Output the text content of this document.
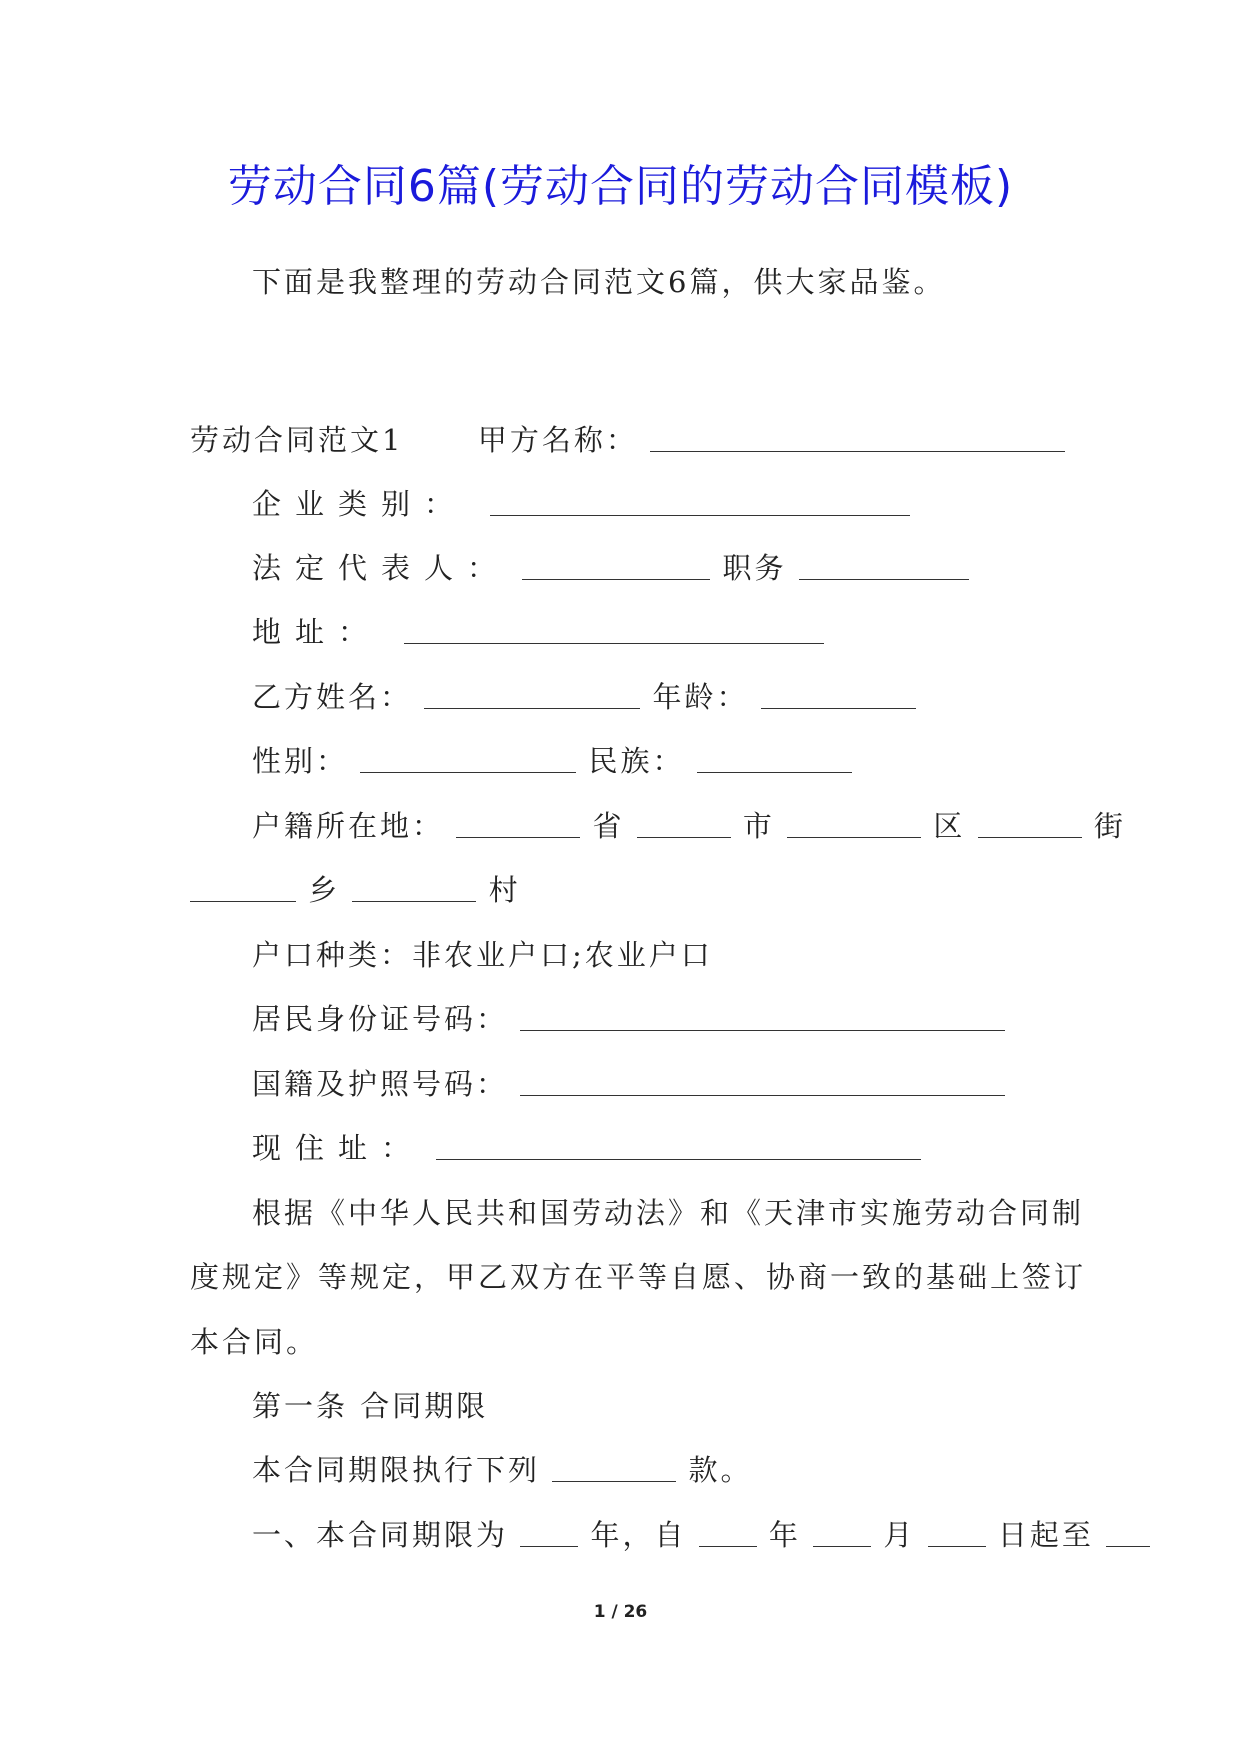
劳动合同6篇(劳动合同的劳动合同模板)
下面是我整理的劳动合同范文6篇，供大家品鉴。
劳动合同范文1	甲方名称：
企业类别：
法定代表人：	职务
地址：
乙方姓名：	年龄：
性别：	民族：
户籍所在地：	省	市	区	街
乡	村
户口种类：非农业户口;农业户口
居民身份证号码：
国籍及护照号码：
现住址：
根据《中华人民共和国劳动法》和《天津市实施劳动合同制
度规定》等规定，甲乙双方在平等自愿、协商一致的基础上签订
本合同。
第一条 合同期限
本合同期限执行下列	款。
一、本合同期限为	年，自	年	月	日起至
1 / 26
